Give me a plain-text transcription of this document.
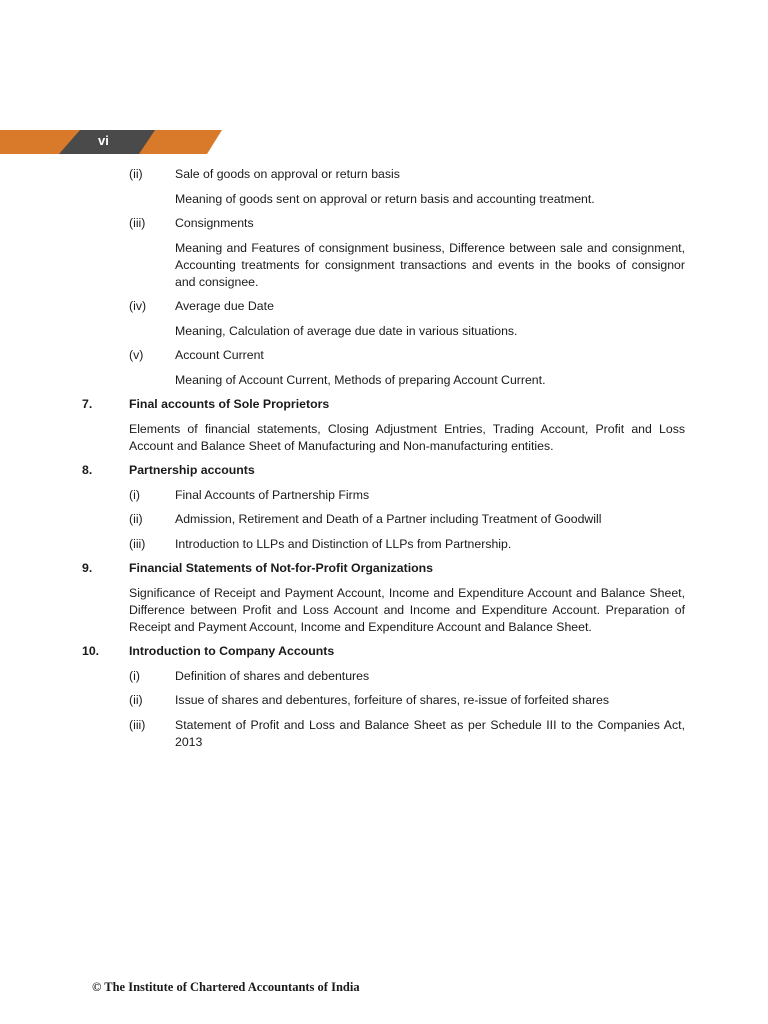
vi
(ii)	Sale of goods on approval or return basis
Meaning of goods sent on approval or return basis and accounting treatment.
(iii) Consignments
Meaning and Features of consignment business, Difference between sale and consignment, Accounting treatments for consignment transactions and events in the books of consignor and consignee.
(iv) Average due Date
Meaning, Calculation of average due date in various situations.
(v)	Account Current
Meaning of Account Current, Methods of preparing Account Current.
7.	Final accounts of Sole Proprietors
Elements of financial statements, Closing Adjustment Entries, Trading Account, Profit and Loss Account and Balance Sheet of Manufacturing and Non-manufacturing entities.
8.	Partnership accounts
(i)	Final Accounts of Partnership Firms
(ii)	Admission, Retirement and Death of a Partner including Treatment of Goodwill
(iii) Introduction to LLPs and Distinction of LLPs from Partnership.
9.	Financial Statements of Not-for-Profit Organizations
Significance of Receipt and Payment Account, Income and Expenditure Account and Balance Sheet, Difference between Profit and Loss Account and Income and Expenditure Account. Preparation of Receipt and Payment Account, Income and Expenditure Account and Balance Sheet.
10. Introduction to Company Accounts
(i)	Definition of shares and debentures
(ii)	Issue of shares and debentures, forfeiture of shares, re-issue of forfeited shares
(iii) Statement of Profit and Loss and Balance Sheet as per Schedule III to the Companies Act, 2013
© The Institute of Chartered Accountants of India
